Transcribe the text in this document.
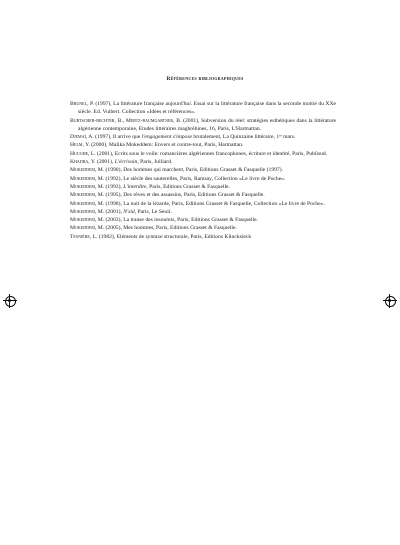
Références bibliographiques
Brunel, P. (1997), La littérature française aujourd'hui. Essai sur la littérature française dans la seconde moitié du XXe siècle. Ed. Vuibert. Collection «Idées et références».
Burtscher-bechter, B., Mertz-baumgartner, B. (2001), Subversion du réel: stratégies esthétiques dans la littérature algérienne contemporaine, Etudes littéraires maghrébines, 16, Paris, L'Harmattan.
Djemaï, A. (1997), Il arrive que l'engagement s'impose brutalement, La Quinzaine littéraire, 1ᵉʳ mars.
Helm, Y. (2000), Malika Mokeddem: Envers et contre-tout, Paris, Harmattan.
Huughe, L. (2001), Ecrits sous le voile: romancières algériennes francophones, écriture et identité, Paris, Publisud.
Khadra, Y. (2001), L'écrivain, Paris, Julliard.
Mokeddem, M. (1990), Des hommes qui marchent, Paris, Editions Grasset & Fasquelle (1997).
Mokeddem, M. (1992), Le siècle des sauterelles, Paris, Ramsay, Collection «Le livre de Poche».
Mokeddem, M. (1993), L'interdite, Paris, Editions Grasset & Fasquelle.
Mokeddem, M. (1995), Des rêves et des assassins, Paris, Editions Grasset & Fasquelle.
Mokeddem, M. (1998), La nuit de la lézarde, Paris, Editions Grasset & Fasquelle, Collection «Le livre de Poche».
Mokeddem, M. (2001), N'zid, Paris, Le Seuil.
Mokeddem, M. (2003), La transe des insoumis, Paris, Editions Grasset & Fasquelle.
Mokeddem, M. (2005), Mes hommes, Paris, Editions Grasset & Fasquelle.
Tesnière, L. (1982), Eléments de syntaxe structurale, Paris, Editions Klincksieck
